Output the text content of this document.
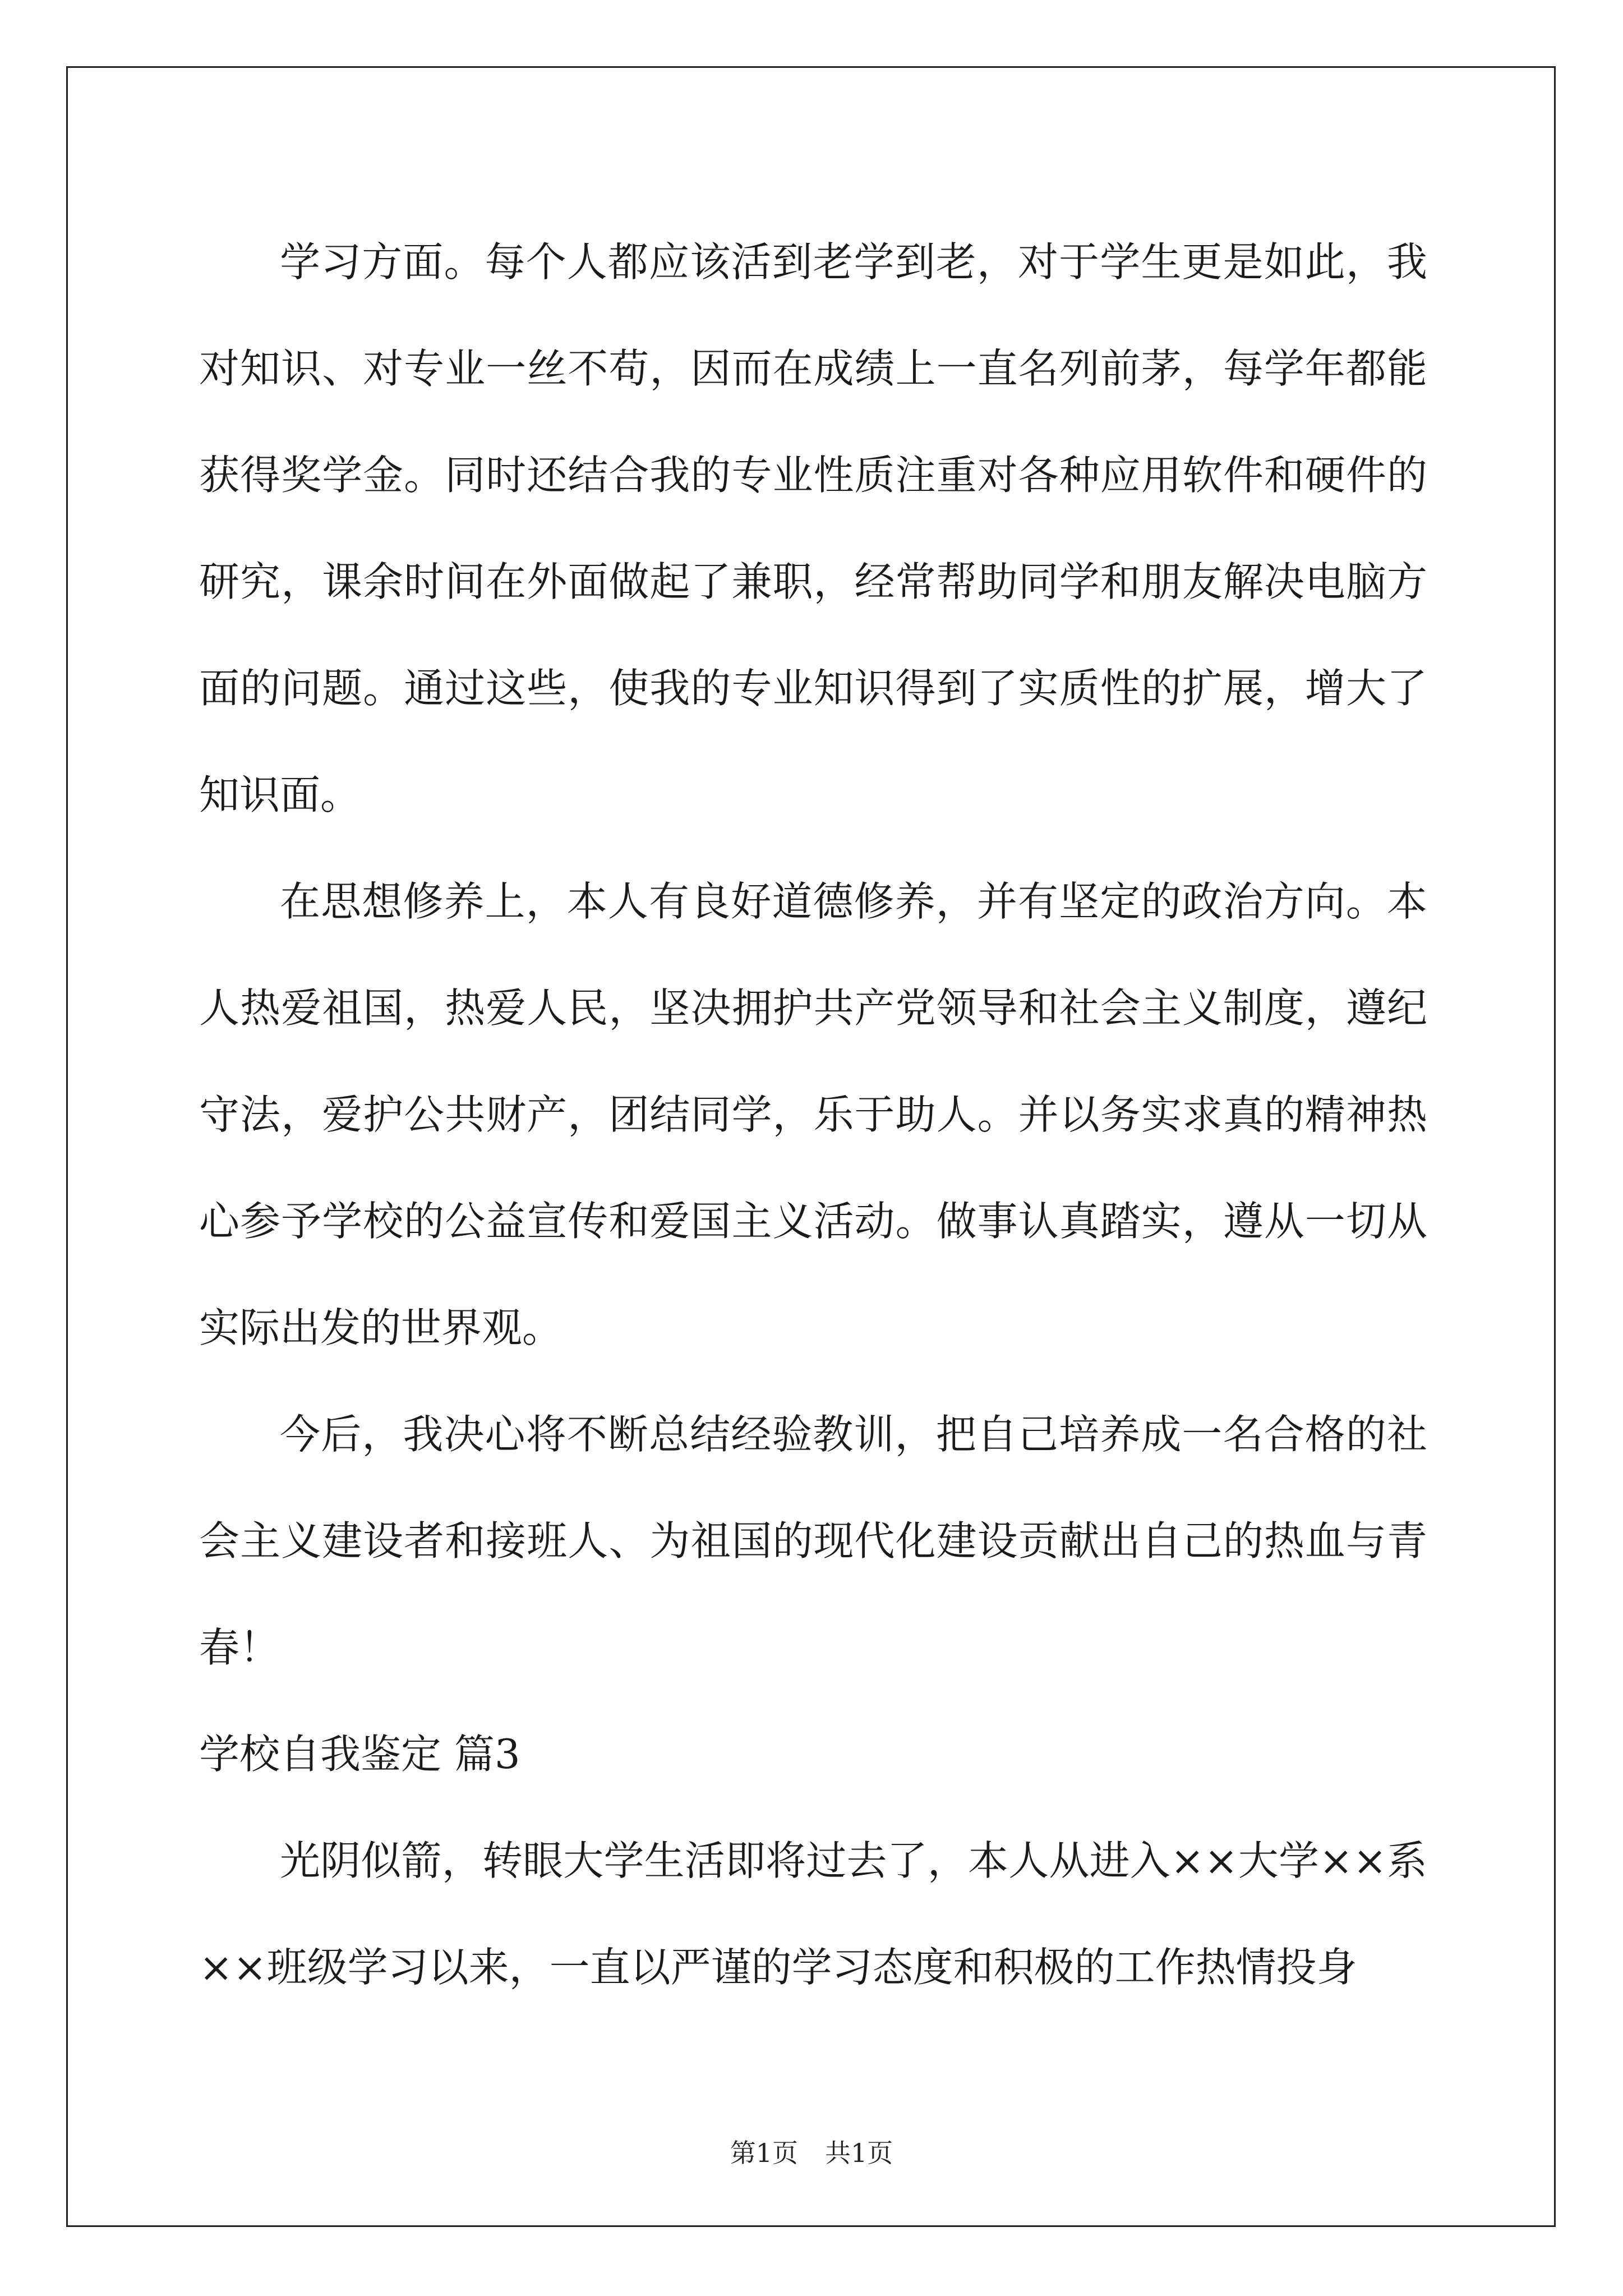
学习方面。每个人都应该活到老学到老，对于学生更是如此，我对知识、对专业一丝不苟，因而在成绩上一直名列前茅，每学年都能获得奖学金。同时还结合我的专业性质注重对各种应用软件和硬件的研究，课余时间在外面做起了兼职，经常帮助同学和朋友解决电脑方面的问题。通过这些，使我的专业知识得到了实质性的扩展，增大了知识面。

在思想修养上，本人有良好道德修养，并有坚定的政治方向。本人热爱祖国，热爱人民，坚决拥护共产党领导和社会主义制度，遵纪守法，爱护公共财产，团结同学，乐于助人。并以务实求真的精神热心参予学校的公益宣传和爱国主义活动。做事认真踏实，遵从一切从实际出发的世界观。

今后，我决心将不断总结经验教训，把自己培养成一名合格的社会主义建设者和接班人、为祖国的现代化建设贡献出自己的热血与青春！

学校自我鉴定 篇3

光阴似箭，转眼大学生活即将过去了，本人从进入××大学××系××班级学习以来，一直以严谨的学习态度和积极的工作热情投身

第1页 共1页
